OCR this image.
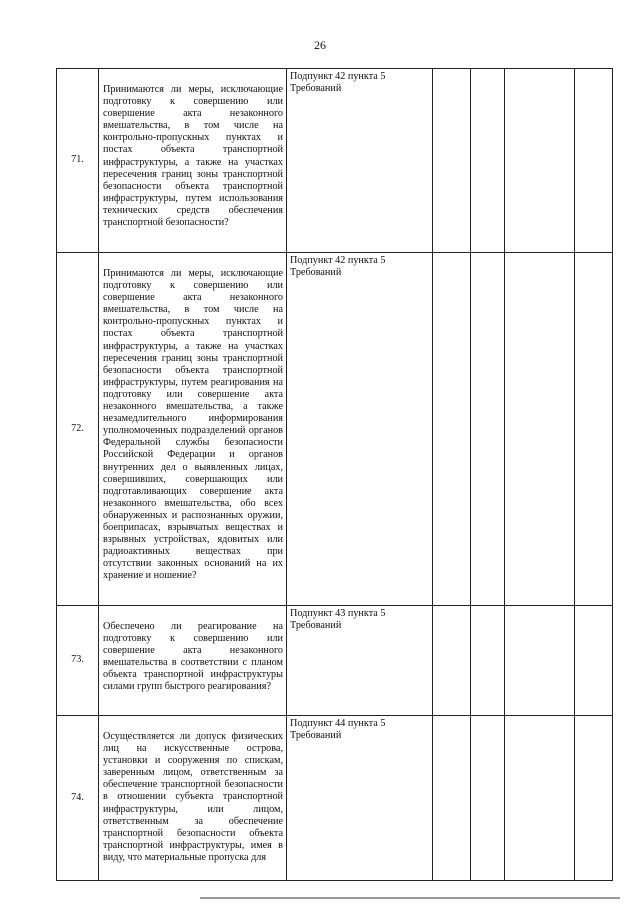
26
71.	Принимаются ли меры, исключающие подготовку к совершению или совершение акта незаконного вмешательства, в том числе на контрольно-пропускных пунктах и постах объекта транспортной инфраструктуры, а также на участках пересечения границ зоны транспортной безопасности объекта транспортной инфраструктуры, путем использования технических средств обеспечения транспортной безопасности?	Подпункт 42 пункта 5 Требований				
72.	Принимаются ли меры, исключающие подготовку к совершению или совершение акта незаконного вмешательства, в том числе на контрольно-пропускных пунктах и постах объекта транспортной инфраструктуры, а также на участках пересечения границ зоны транспортной безопасности объекта транспортной инфраструктуры, путем реагирования на подготовку или совершение акта незаконного вмешательства, а также незамедлительного информирования уполномоченных подразделений органов Федеральной службы безопасности Российской Федерации и органов внутренних дел о выявленных лицах, совершивших, совершающих или подготавливающих совершение акта незаконного вмешательства, обо всех обнаруженных и распознанных оружии, боеприпасах, взрывчатых веществах и взрывных устройствах, ядовитых или радиоактивных веществах при отсутствии законных оснований на их хранение и ношение?	Подпункт 42 пункта 5 Требований				
73.	Обеспечено ли реагирование на подготовку к совершению или совершение акта незаконного вмешательства в соответствии с планом объекта транспортной инфраструктуры силами групп быстрого реагирования?	Подпункт 43 пункта 5 Требований				
74.	Осуществляется ли допуск физических лиц на искусственные острова, установки и сооружения по спискам, заверенным лицом, ответственным за обеспечение транспортной безопасности в отношении субъекта транспортной инфраструктуры, или лицом, ответственным за обеспечение транспортной безопасности объекта транспортной инфраструктуры, имея в виду, что материальные пропуска для	Подпункт 44 пункта 5 Требований				
